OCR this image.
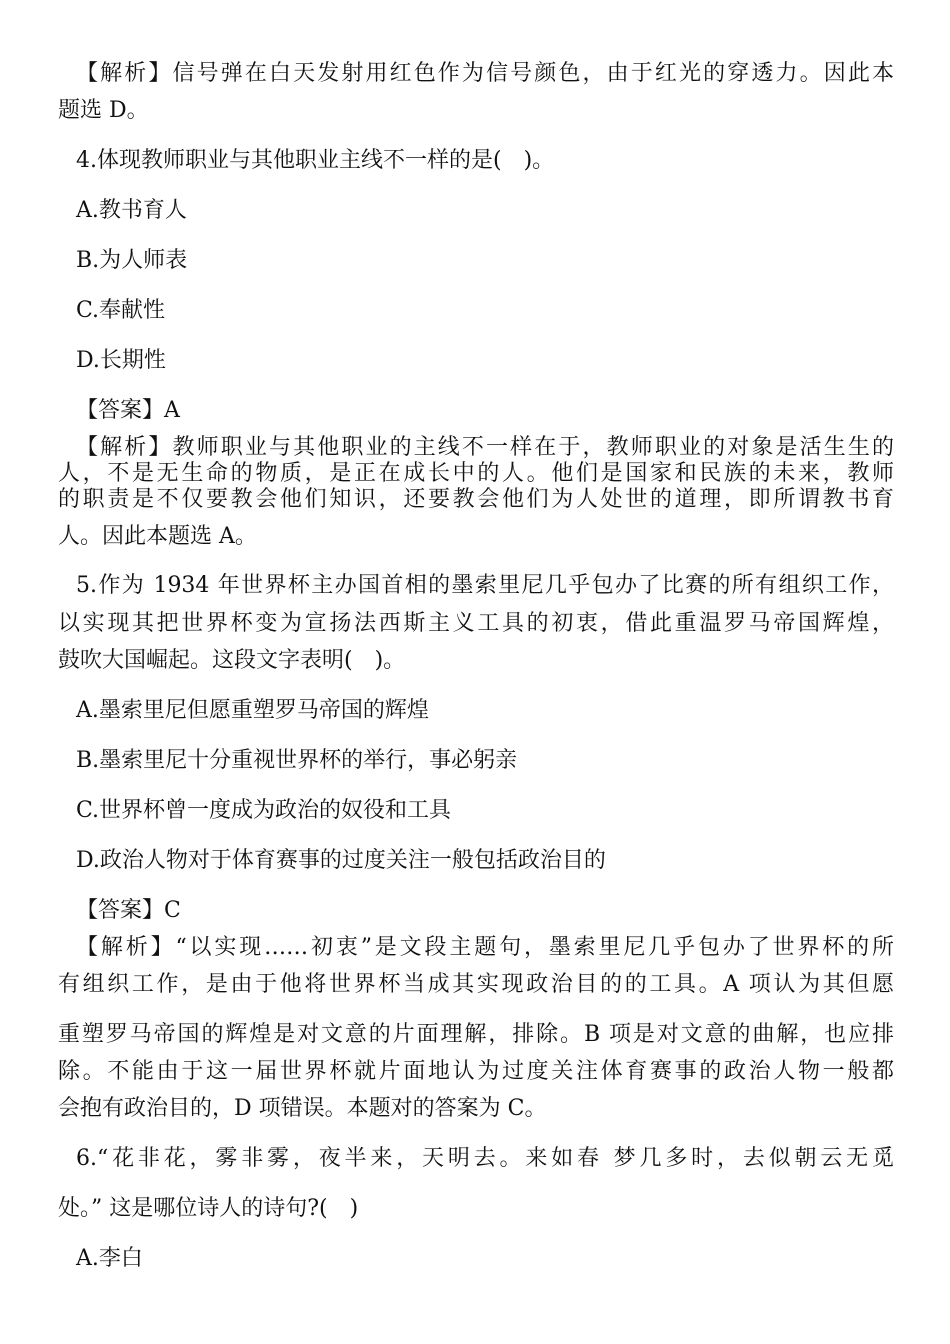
【解析】信号弹在白天发射用红色作为信号颜色，由于红光的穿透力。因此本
题选 D。
4.体现教师职业与其他职业主线不一样的是(　)。
A.教书育人
B.为人师表
C.奉献性
D.长期性
【答案】A
【解析】教师职业与其他职业的主线不一样在于，教师职业的对象是活生生的
人，不是无生命的物质，是正在成长中的人。他们是国家和民族的未来，教师
的职责是不仅要教会他们知识，还要教会他们为人处世的道理，即所谓教书育
人。因此本题选 A。
5.作为 1934 年世界杯主办国首相的墨索里尼几乎包办了比赛的所有组织工作，
以实现其把世界杯变为宣扬法西斯主义工具的初衷，借此重温罗马帝国辉煌，
鼓吹大国崛起。这段文字表明(　)。
A.墨索里尼但愿重塑罗马帝国的辉煌
B.墨索里尼十分重视世界杯的举行，事必躬亲
C.世界杯曾一度成为政治的奴役和工具
D.政治人物对于体育赛事的过度关注一般包括政治目的
【答案】C
【解析】“以实现……初衷”是文段主题句，墨索里尼几乎包办了世界杯的所
有组织工作，是由于他将世界杯当成其实现政治目的的工具。A 项认为其但愿
重塑罗马帝国的辉煌是对文意的片面理解，排除。B 项是对文意的曲解，也应排
除。不能由于这一届世界杯就片面地认为过度关注体育赛事的政治人物一般都
会抱有政治目的，D 项错误。本题对的答案为 C。
6.“花非花，雾非雾，夜半来，天明去。来如春 梦几多时，去似朝云无觅
处。” 这是哪位诗人的诗句?(　)
A.李白
